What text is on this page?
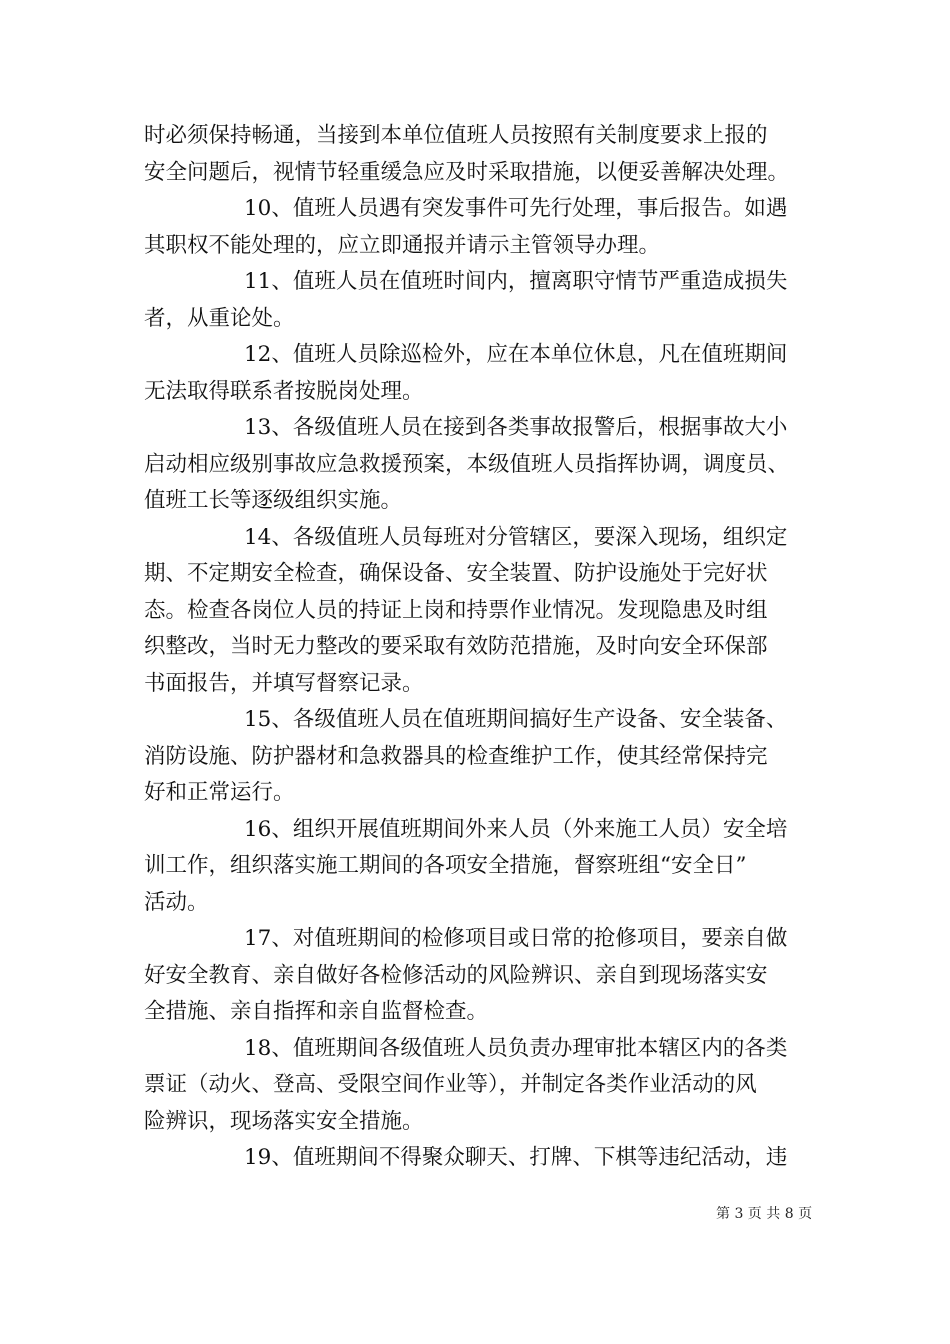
时必须保持畅通，当接到本单位值班人员按照有关制度要求上报的
安全问题后，视情节轻重缓急应及时采取措施，以便妥善解决处理。
10、值班人员遇有突发事件可先行处理，事后报告。如遇
其职权不能处理的，应立即通报并请示主管领导办理。
11、值班人员在值班时间内，擅离职守情节严重造成损失
者，从重论处。
12、值班人员除巡检外，应在本单位休息，凡在值班期间
无法取得联系者按脱岗处理。
13、各级值班人员在接到各类事故报警后，根据事故大小
启动相应级别事故应急救援预案，本级值班人员指挥协调，调度员、
值班工长等逐级组织实施。
14、各级值班人员每班对分管辖区，要深入现场，组织定
期、不定期安全检查，确保设备、安全装置、防护设施处于完好状
态。检查各岗位人员的持证上岗和持票作业情况。发现隐患及时组
织整改，当时无力整改的要采取有效防范措施，及时向安全环保部
书面报告，并填写督察记录。
15、各级值班人员在值班期间搞好生产设备、安全装备、
消防设施、防护器材和急救器具的检查维护工作，使其经常保持完
好和正常运行。
16、组织开展值班期间外来人员（外来施工人员）安全培
训工作，组织落实施工期间的各项安全措施，督察班组“安全日”
活动。
17、对值班期间的检修项目或日常的抢修项目，要亲自做
好安全教育、亲自做好各检修活动的风险辨识、亲自到现场落实安
全措施、亲自指挥和亲自监督检查。
18、值班期间各级值班人员负责办理审批本辖区内的各类
票证（动火、登高、受限空间作业等），并制定各类作业活动的风
险辨识，现场落实安全措施。
19、值班期间不得聚众聊天、打牌、下棋等违纪活动，违
第 3 页 共 8 页
